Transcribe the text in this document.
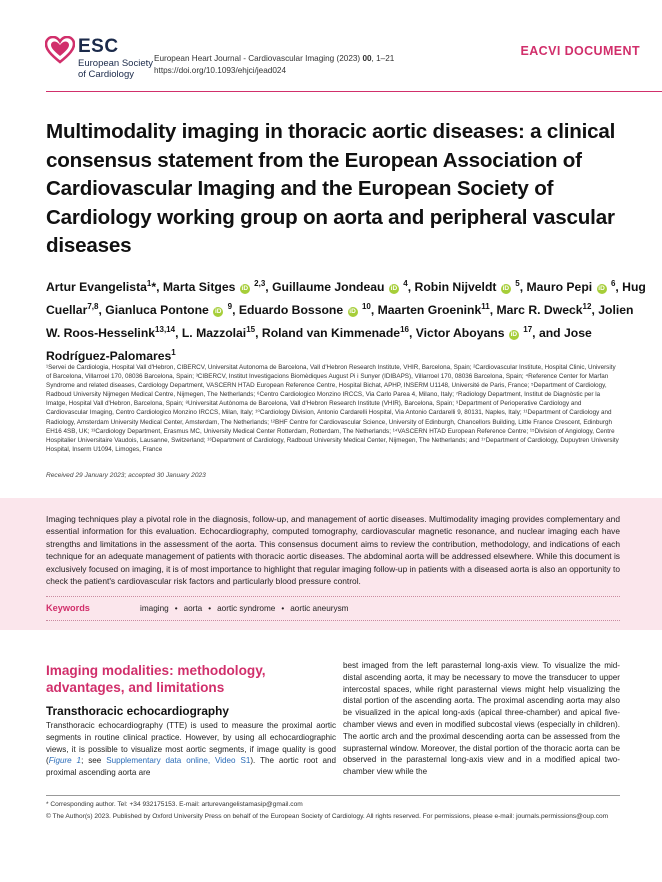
ESC
European Society of Cardiology
European Heart Journal - Cardiovascular Imaging (2023) 00, 1–21
https://doi.org/10.1093/ehjci/jead024
EACVI DOCUMENT
Multimodality imaging in thoracic aortic diseases: a clinical consensus statement from the European Association of Cardiovascular Imaging and the European Society of Cardiology working group on aorta and peripheral vascular diseases
Artur Evangelista$^1$*, Marta Sitges iD $^{2,3}$, Guillaume Jondeau iD $^4$, Robin Nijveldt iD $^5$, Mauro Pepi iD $^6$, Hug Cuellar$^{7,8}$, Gianluca Pontone iD $^9$, Eduardo Bossone iD $^{10}$, Maarten Groenink$^{11}$, Marc R. Dweck$^{12}$, Jolien W. Roos-Hesselink$^{13,14}$, L. Mazzolai$^{15}$, Roland van Kimmenade$^{16}$, Victor Aboyans iD $^{17}$, and Jose Rodríguez-Palomares$^1$
¹Servei de Cardiologia, Hospital Vall d'Hebron, CIBERCV, Universitat Autonoma de Barcelona, Vall d'Hebron Research Institute, VHIR, Barcelona, Spain; ²Cardiovascular Institute, Hospital Clinic, University of Barcelona, Villarroel 170, 08036 Barcelona, Spain; ³CIBERCV, Institut Investigacions Biomèdiques August Pi i Sunyer (IDIBAPS), Villarroel 170, 08036 Barcelona, Spain; ⁴Reference Center for Marfan Syndrome and related diseases, Cardiology Department, VASCERN HTAD European Reference Centre, Hospital Bichat, APHP, INSERM U1148, Université de Paris, France; ⁵Department of Cardiology, Radboud University Nijmegen Medical Centre, Nijmegen, The Netherlands; ⁶Centro Cardiologico Monzino IRCCS, Via Carlo Parea 4, Milano, Italy; ⁷Radiology Department, Institut de Diagnòstic per la Imatge, Hospital Vall d'Hebron, Barcelona, Spain; ⁸Universitat Autònoma de Barcelona, Vall d'Hebron Research Institute (VHIR), Barcelona, Spain; ⁹Department of Perioperative Cardiology and Cardiovascular Imaging, Centro Cardiologico Monzino IRCCS, Milan, Italy; ¹⁰Cardiology Division, Antonio Cardarelli Hospital, Via Antonio Cardarelli 9, 80131, Naples, Italy; ¹¹Department of Cardiology and Radiology, Amsterdam University Medical Center, Amsterdam, The Netherlands; ¹²BHF Centre for Cardiovascular Science, University of Edinburgh, Chancellors Building, Little France Crescent, Edinburgh EH16 4SB, UK; ¹³Cardiology Department, Erasmus MC, University Medical Center Rotterdam, Rotterdam, The Netherlands; ¹⁴VASCERN HTAD European Reference Centre; ¹⁵Division of Angiology, Centre Hospitalier Universitaire Vaudois, Lausanne, Switzerland; ¹⁶Department of Cardiology, Radboud University Medical Center, Nijmegen, The Netherlands; and ¹⁷Department of Cardiology, Dupuytren University Hospital, Inserm U1094, Limoges, France
Received 29 January 2023; accepted 30 January 2023
Imaging techniques play a pivotal role in the diagnosis, follow-up, and management of aortic diseases. Multimodality imaging provides complementary and essential information for this evaluation. Echocardiography, computed tomography, cardiovascular magnetic resonance, and nuclear imaging each have strengths and limitations in the assessment of the aorta. This consensus document aims to review the contribution, methodology, and indications of each technique for an adequate management of patients with thoracic aortic diseases. The abdominal aorta will be addressed elsewhere. While this document is exclusively focused on imaging, it is of most importance to highlight that regular imaging follow-up in patients with a diseased aorta is also an opportunity to check the patient's cardiovascular risk factors and particularly blood pressure control.
Keywords	imaging • aorta • aortic syndrome • aortic aneurysm
Imaging modalities: methodology, advantages, and limitations
Transthoracic echocardiography
Transthoracic echocardiography (TTE) is used to measure the proximal aortic segments in routine clinical practice. However, by using all echocardiographic views, it is possible to visualize most aortic segments, if image quality is good (Figure 1; see Supplementary data online, Video S1). The aortic root and proximal ascending aorta are
best imaged from the left parasternal long-axis view. To visualize the mid-distal ascending aorta, it may be necessary to move the transducer to upper intercostal spaces, while right parasternal views might help visualizing the distal portion of the ascending aorta. The proximal ascending aorta may also be visualized in the apical long-axis (apical three-chamber) and apical five-chamber views and even in modified subcostal views (especially in children). The aortic arch and the proximal descending aorta can be assessed from the suprasternal window. Moreover, the distal portion of the thoracic aorta can be observed in the parasternal long-axis view and in a modified apical two-chamber view while the
* Corresponding author. Tel: +34 932175153. E-mail: arturevangelistamasip@gmail.com
© The Author(s) 2023. Published by Oxford University Press on behalf of the European Society of Cardiology. All rights reserved. For permissions, please e-mail: journals.permissions@oup.com
